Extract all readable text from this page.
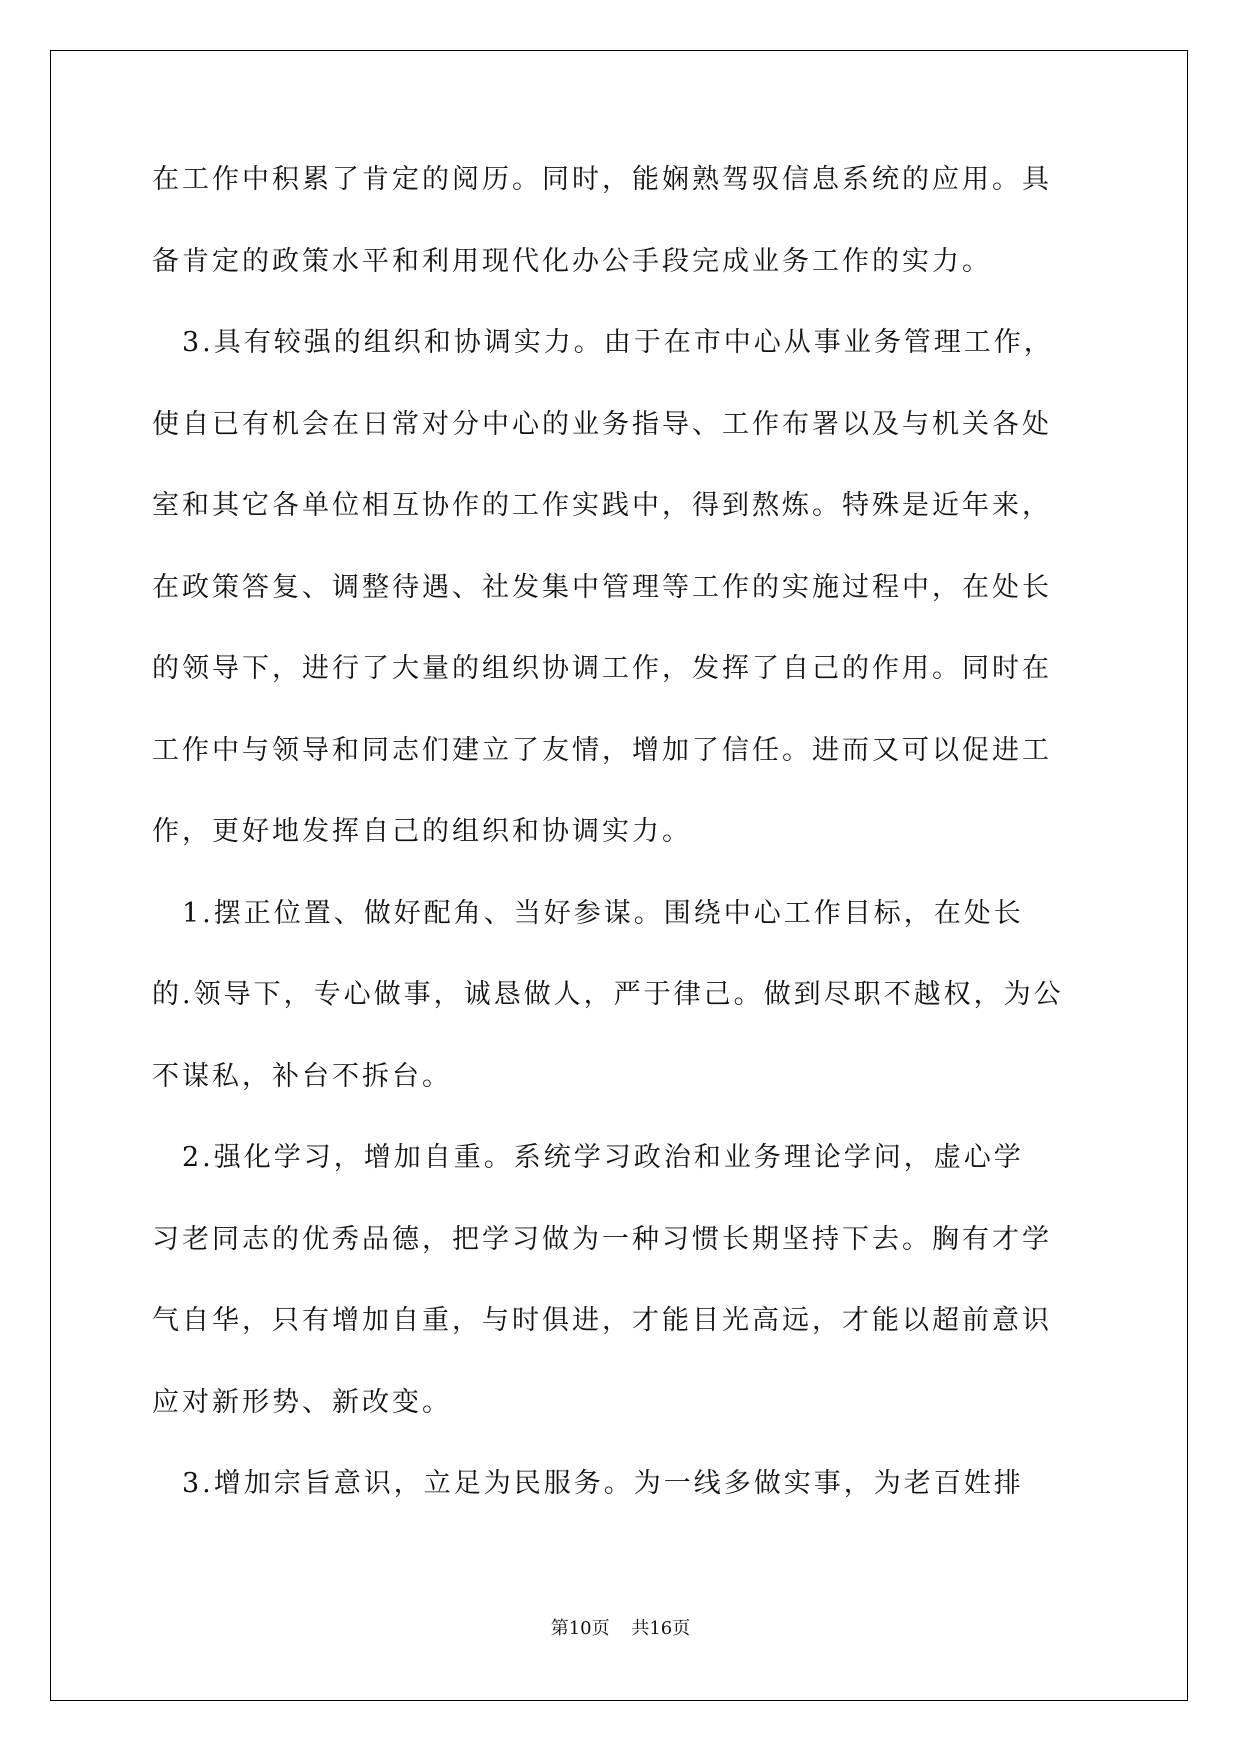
在工作中积累了肯定的阅历。同时，能娴熟驾驭信息系统的应用。具
备肯定的政策水平和利用现代化办公手段完成业务工作的实力。
　3.具有较强的组织和协调实力。由于在市中心从事业务管理工作，
使自已有机会在日常对分中心的业务指导、工作布署以及与机关各处
室和其它各单位相互协作的工作实践中，得到熬炼。特殊是近年来，
在政策答复、调整待遇、社发集中管理等工作的实施过程中，在处长
的领导下，进行了大量的组织协调工作，发挥了自己的作用。同时在
工作中与领导和同志们建立了友情，增加了信任。进而又可以促进工
作，更好地发挥自己的组织和协调实力。
　1.摆正位置、做好配角、当好参谋。围绕中心工作目标，在处长
的.领导下，专心做事，诚恳做人，严于律己。做到尽职不越权，为公
不谋私，补台不拆台。
　2.强化学习，增加自重。系统学习政治和业务理论学问，虚心学
习老同志的优秀品德，把学习做为一种习惯长期坚持下去。胸有才学
气自华，只有增加自重，与时俱进，才能目光高远，才能以超前意识
应对新形势、新改变。
　3.增加宗旨意识，立足为民服务。为一线多做实事，为老百姓排
第10页 共16页
